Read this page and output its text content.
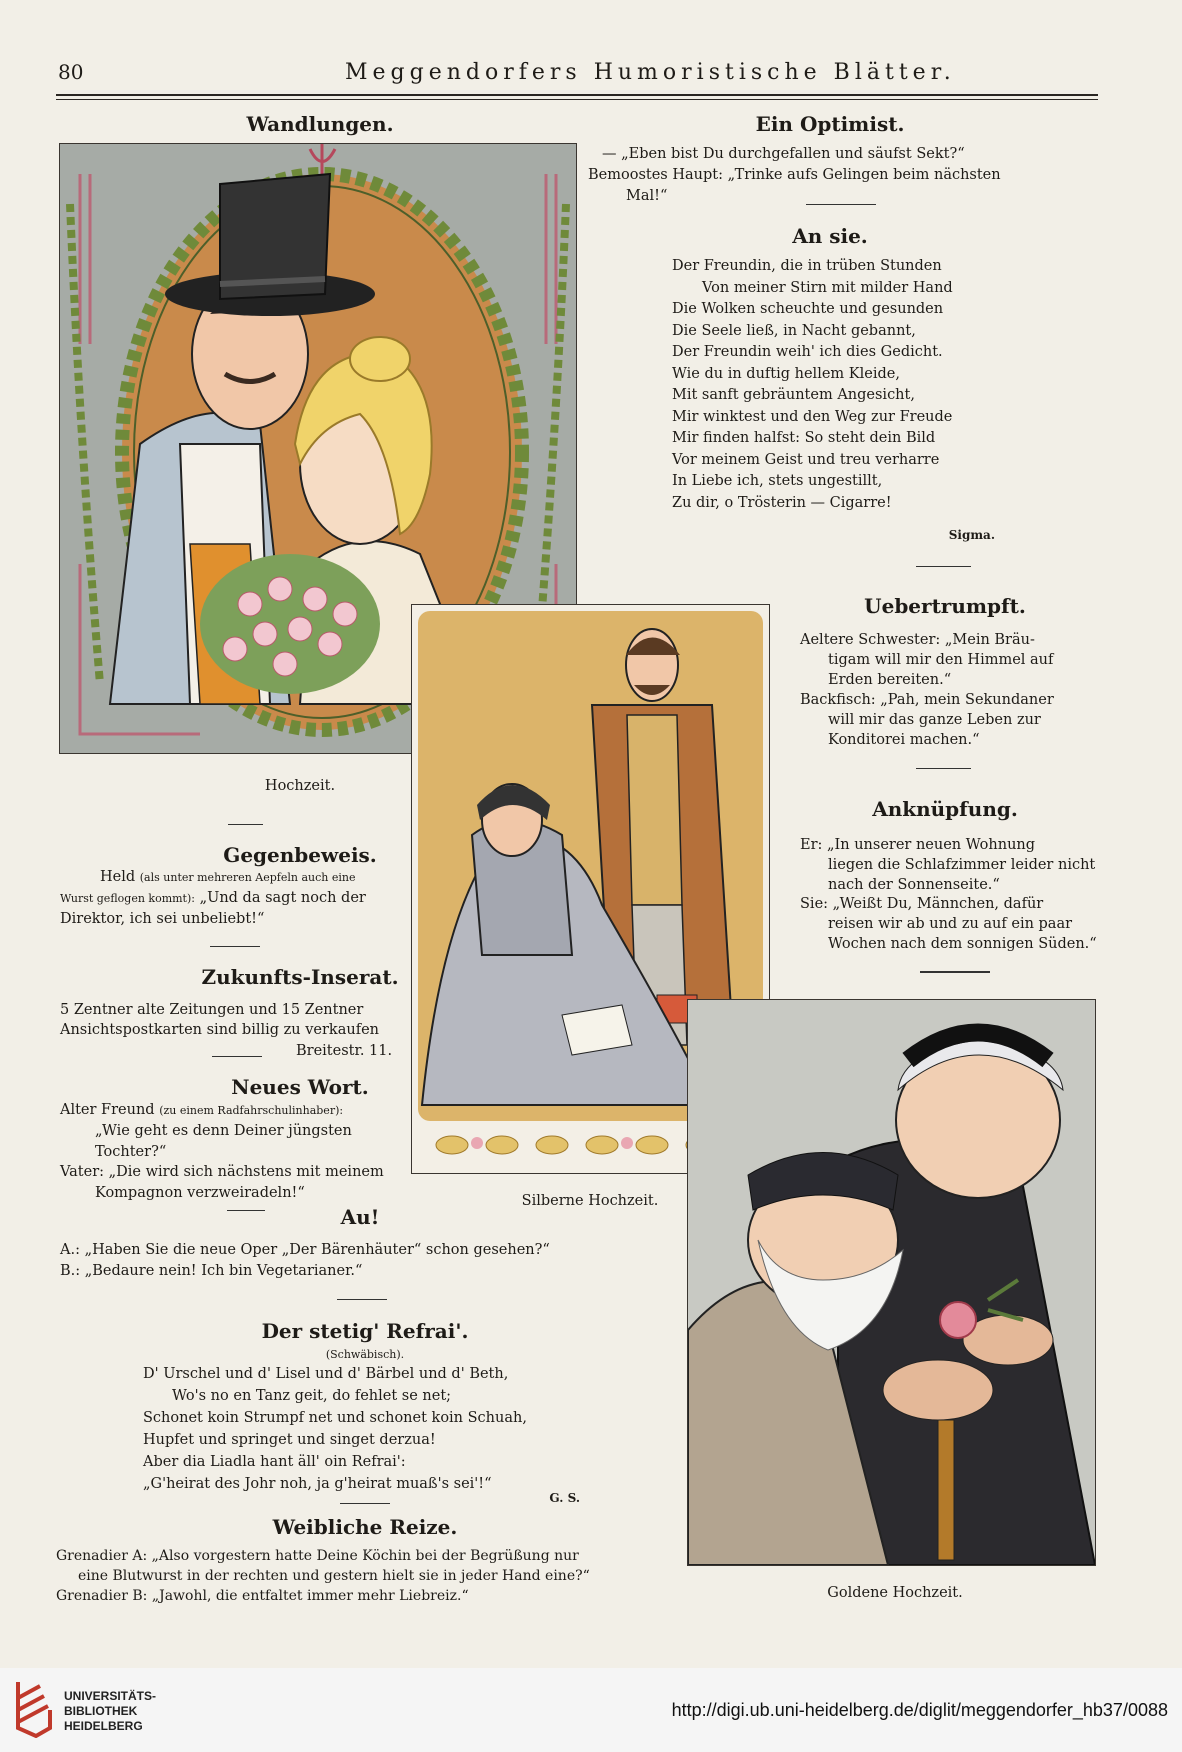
80	Meggendorfers Humoristische Blätter.
Wandlungen.	Ein Optimist.
— „Eben bist Du durchgefallen und säufst Sekt?“
Bemoostes Haupt: „Trinke aufs Gelingen beim nächsten
Mal!“
An sie.
Der Freundin, die in trüben Stunden
Von meiner Stirn mit milder Hand
Die Wolken scheuchte und gesunden
Die Seele ließ, in Nacht gebannt,
Der Freundin weih' ich dies Gedicht.
Wie du in duftig hellem Kleide,
Mit sanft gebräuntem Angesicht,
Mir winktest und den Weg zur Freude
Mir finden halfst: So steht dein Bild
Vor meinem Geist und treu verharre
In Liebe ich, stets ungestillt,
Zu dir, o Trösterin — Cigarre!
Sigma.
Uebertrumpft.
Aeltere Schwester: „Mein Bräu-
tigam will mir den Himmel auf
Erden bereiten.“
Backfisch: „Pah, mein Sekundaner
will mir das ganze Leben zur
Konditorei machen.“
Anknüpfung.
Er: „In unserer neuen Wohnung
liegen die Schlafzimmer leider nicht
nach der Sonnenseite.“
Sie: „Weißt Du, Männchen, dafür
reisen wir ab und zu auf ein paar
Wochen nach dem sonnigen Süden.“
Hochzeit.
Gegenbeweis.
Held (als unter mehreren Aepfeln auch eine
Wurst geflogen kommt): „Und da sagt noch der
Direktor, ich sei unbeliebt!“
Zukunfts-Inserat.
5 Zentner alte Zeitungen und 15 Zentner
Ansichtspostkarten sind billig zu verkaufen
Breitestr. 11.
Neues Wort.
Alter Freund (zu einem Radfahrschulinhaber):
„Wie geht es denn Deiner jüngsten
Tochter?“
Vater: „Die wird sich nächstens mit meinem
Kompagnon verzweiradeln!“	Silberne Hochzeit.
Au!
A.: „Haben Sie die neue Oper „Der Bärenhäuter“ schon gesehen?“
B.: „Bedaure nein! Ich bin Vegetarianer.“
Der stetig' Refrai'.
(Schwäbisch).
D' Urschel und d' Lisel und d' Bärbel und d' Beth,
Wo's no en Tanz geit, do fehlet se net;
Schonet koin Strumpf net und schonet koin Schuah,
Hupfet und springet und singet derzua!
Aber dia Liadla hant äll' oin Refrai':
„G'heirat des Johr noh, ja g'heirat muaß's sei'!“
G. S.
Weibliche Reize.
Grenadier A: „Also vorgestern hatte Deine Köchin bei der Begrüßung nur
eine Blutwurst in der rechten und gestern hielt sie in jeder Hand eine?“
Grenadier B: „Jawohl, die entfaltet immer mehr Liebreiz.“	Goldene Hochzeit.
UNIVERSITÄTS-
BIBLIOTHEK
HEIDELBERG
http://digi.ub.uni-heidelberg.de/diglit/meggendorfer_hb37/0088
